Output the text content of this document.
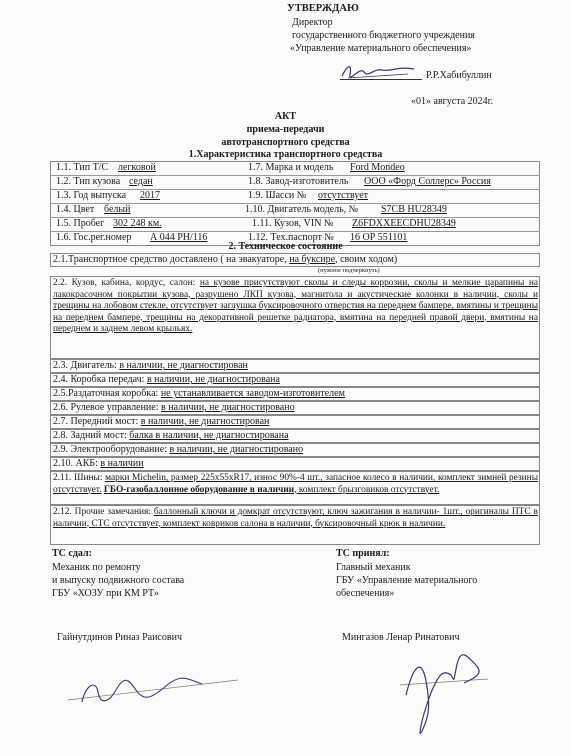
УТВЕРЖДАЮ
Директор
государственного бюджетного учреждения
«Управление материального обеспечения»
Р.Р.Хабибуллин
«01» августа 2024г.
АКТ
приема-передачи
автотранспортного средства
1.Характеристика транспортного средства
1.1. Тип Т/С легковой	1.7. Марка и модель Ford Mondeo
1.2. Тип кузова седан	1.8. Завод-изготовитель ООО «Форд Соллерс» Россия
1.3. Год выпуска 2017	1.9. Шасси № отсутствует
1.4. Цвет белый	1.10. Двигатель модель, № S7CB HU28349
1.5. Пробег 302 248 км.	1.11. Кузов, VIN № Z6FDXXEECDHU28349
1.6. Гос.рег.номер А 044 РН/116	1.12. Тех.паспорт № 16 ОР 551101
2. Техническое состояние
2.1.Транспортное средство доставлено ( на эвакуаторе, на буксире, своим ходом)
(нужное подчеркнуть)
2.2. Кузов, кабина, кордус, салон: на кузове присутствуют сколы и следы коррозии, сколы и мелкие царапины на лакокрасочном покрытии кузова, разрушено ЛКП кузова, магнитола и акустические колонки в наличии, сколы и трещины на лобовом стекле, отсутствует заглушка буксировочного отверстия на переднем бампере, вмятины и трещины на переднем бампере, трещины на декоративной решетке радиатора, вмятина на передней правой двери, вмятины на переднем и заднем левом крыльях.
2.3. Двигатель: в наличии, не диагностирован
2.4. Коробка передач: в наличии, не диагностирована
2.5.Раздаточная коробка: не устанавливается заводом-изготовителем
2.6. Рулевое управление: в наличии, не диагностировано
2.7. Передний мост: в наличии, не диагностирован
2.8. Задний мост: балка в наличии, не диагностирована
2.9. Электрооборудование: в наличии, не диагностировано
2.10. АКБ: в наличии
2.11. Шины: марки Michelin, размер 225х55хR17, износ 90%-4 шт., запасное колесо в наличии, комплект зимней резины отсутствует. ГБО-газобаллонное оборудование в наличии, комплект брызговиков отсутствует.
2.12. Прочие замечания: баллонный ключи и домкрат отсутствуют, ключ зажигания в наличии- 1шт., оригиналы ПТС в наличии, СТС отсутствует, комплект ковриков салона в наличии, буксировочный крюк в наличии.
ТС сдал:
Механик по ремонту
и выпуску подвижного состава
ГБУ «ХОЗУ при КМ РТ»
ТС принял:
Главный механик
ГБУ «Управление материального
обеспечения»
Гайнутдинов Риназ Раисович	Мингазов Ленар Ринатович
